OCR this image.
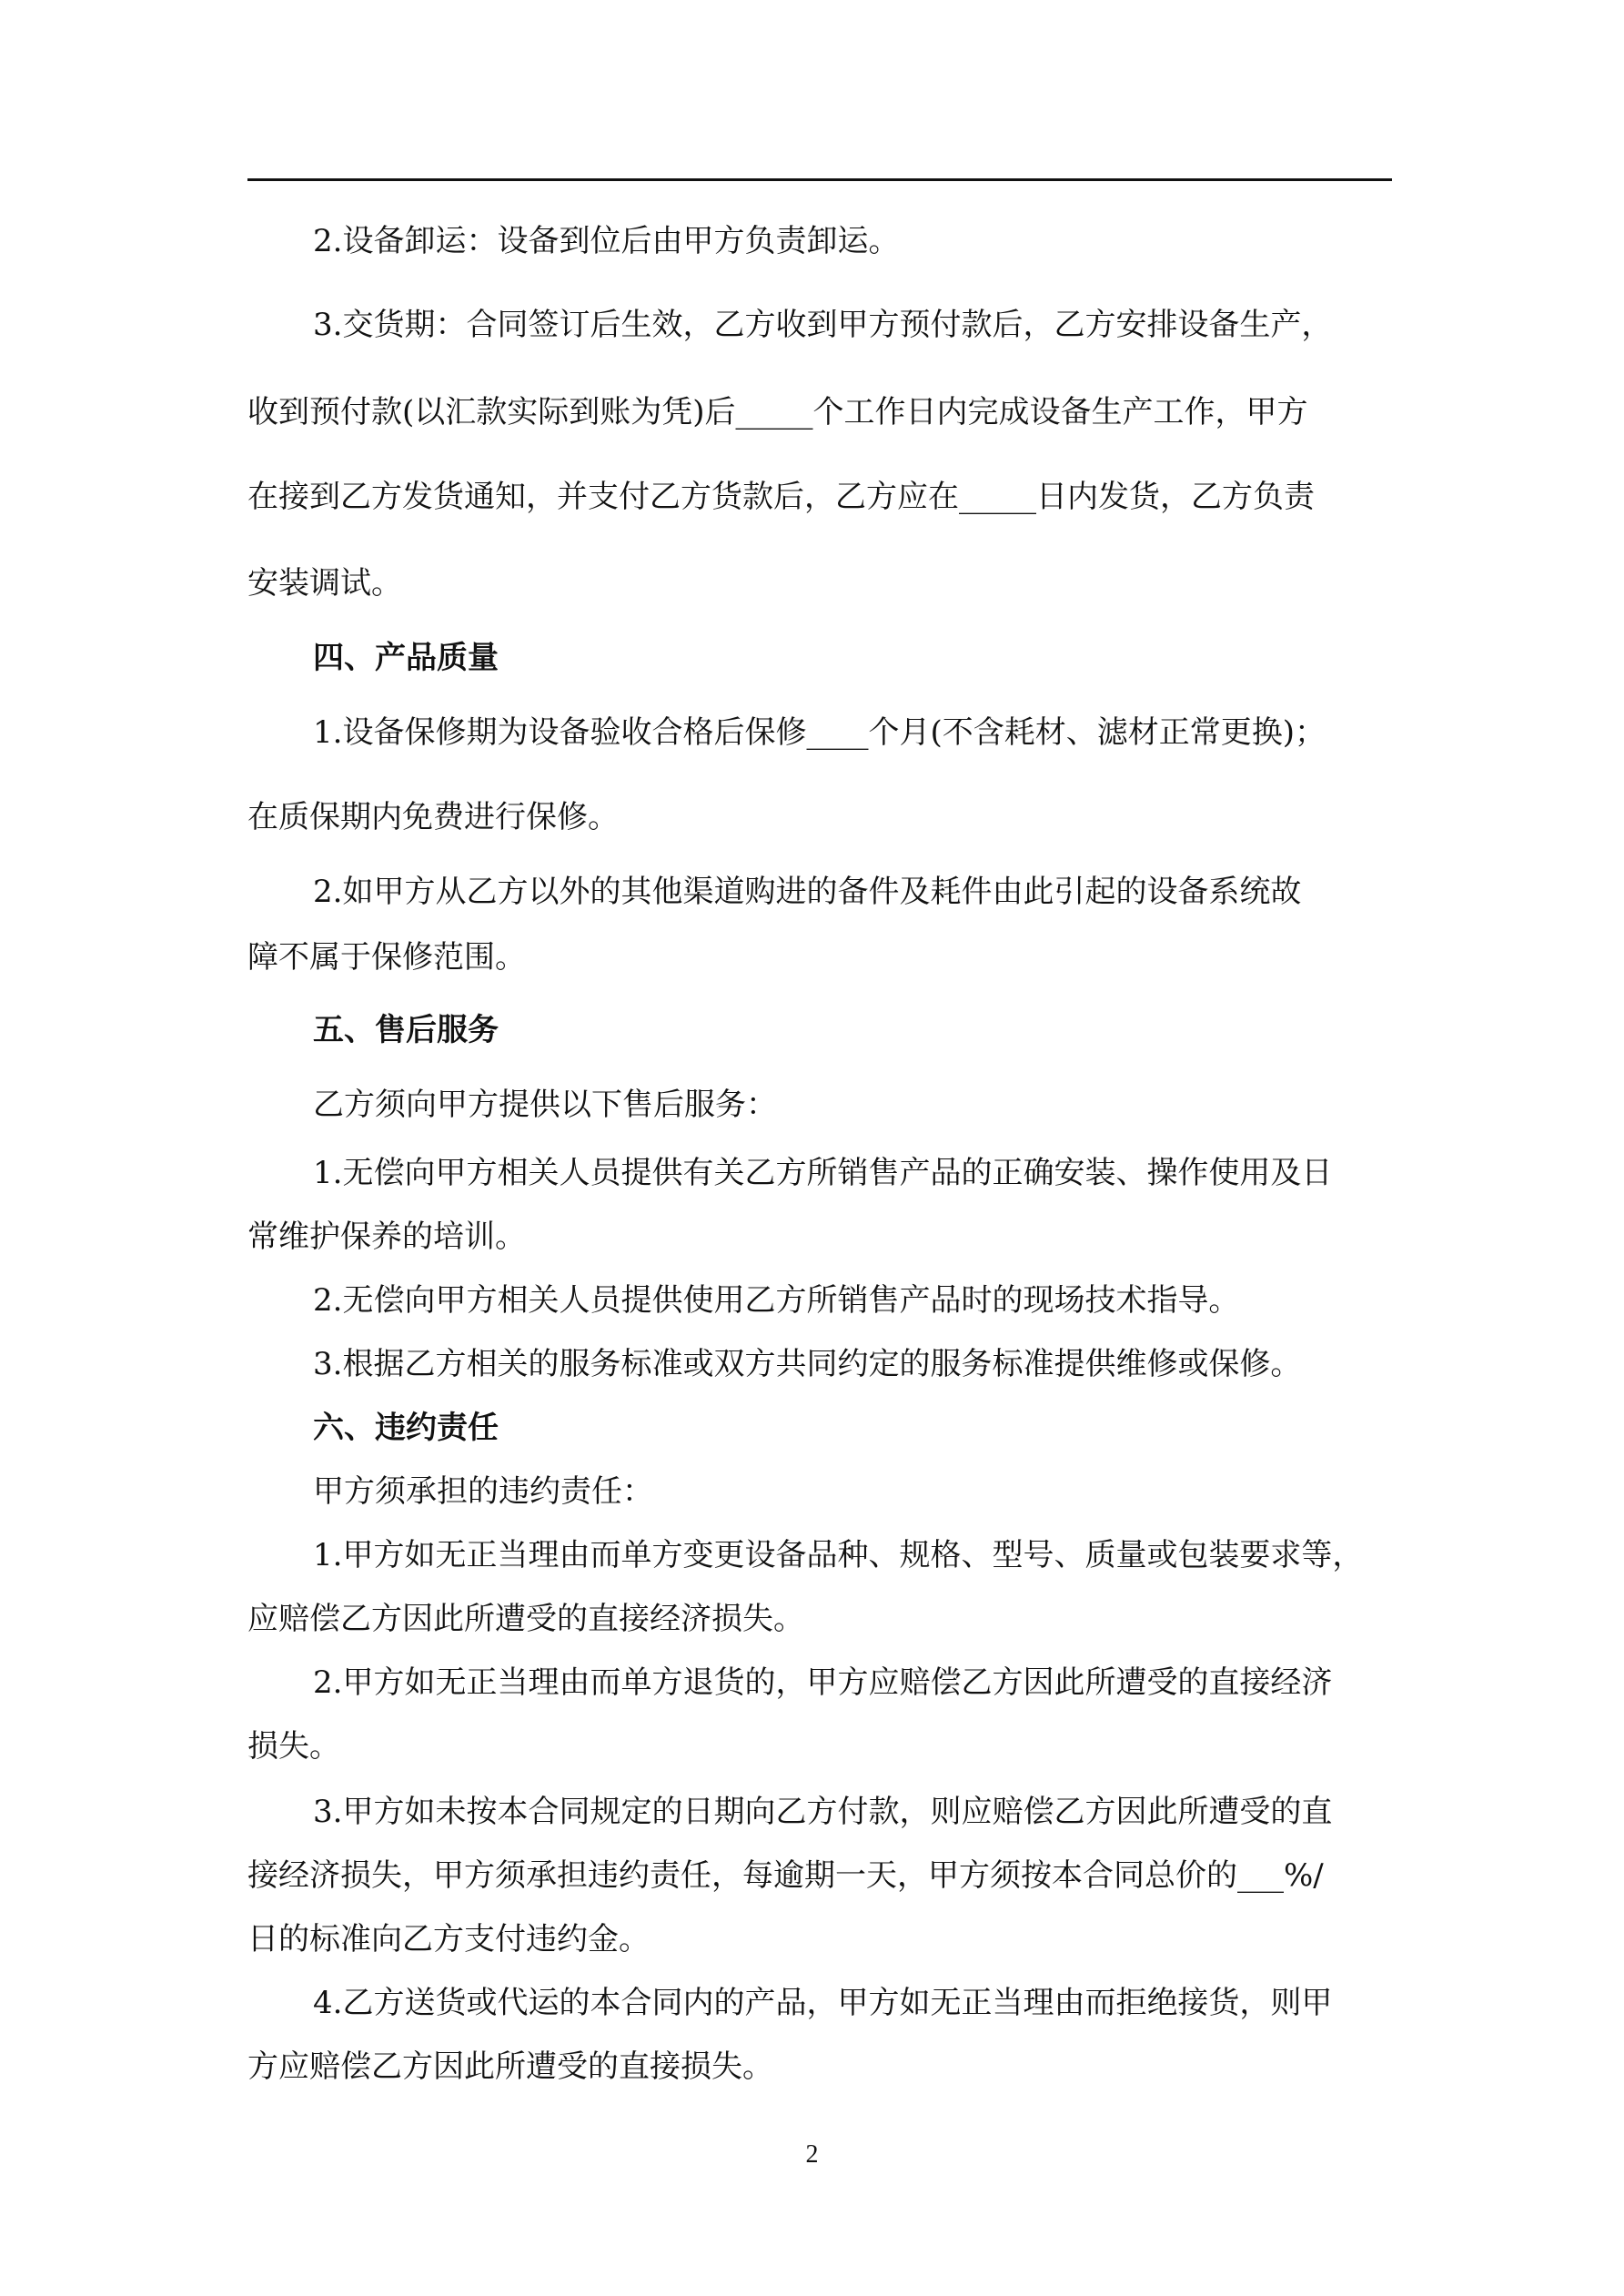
2.设备卸运：设备到位后由甲方负责卸运。
3.交货期：合同签订后生效，乙方收到甲方预付款后，乙方安排设备生产，
收到预付款(以汇款实际到账为凭)后_____个工作日内完成设备生产工作，甲方
在接到乙方发货通知，并支付乙方货款后，乙方应在_____日内发货，乙方负责
安装调试。
四、产品质量
1.设备保修期为设备验收合格后保修____个月(不含耗材、滤材正常更换)；
在质保期内免费进行保修。
2.如甲方从乙方以外的其他渠道购进的备件及耗件由此引起的设备系统故
障不属于保修范围。
五、售后服务
乙方须向甲方提供以下售后服务：
1.无偿向甲方相关人员提供有关乙方所销售产品的正确安装、操作使用及日
常维护保养的培训。
2.无偿向甲方相关人员提供使用乙方所销售产品时的现场技术指导。
3.根据乙方相关的服务标准或双方共同约定的服务标准提供维修或保修。
六、违约责任
甲方须承担的违约责任：
1.甲方如无正当理由而单方变更设备品种、规格、型号、质量或包装要求等，
应赔偿乙方因此所遭受的直接经济损失。
2.甲方如无正当理由而单方退货的，甲方应赔偿乙方因此所遭受的直接经济
损失。
3.甲方如未按本合同规定的日期向乙方付款，则应赔偿乙方因此所遭受的直
接经济损失，甲方须承担违约责任，每逾期一天，甲方须按本合同总价的___%/
日的标准向乙方支付违约金。
4.乙方送货或代运的本合同内的产品，甲方如无正当理由而拒绝接货，则甲
方应赔偿乙方因此所遭受的直接损失。
2
